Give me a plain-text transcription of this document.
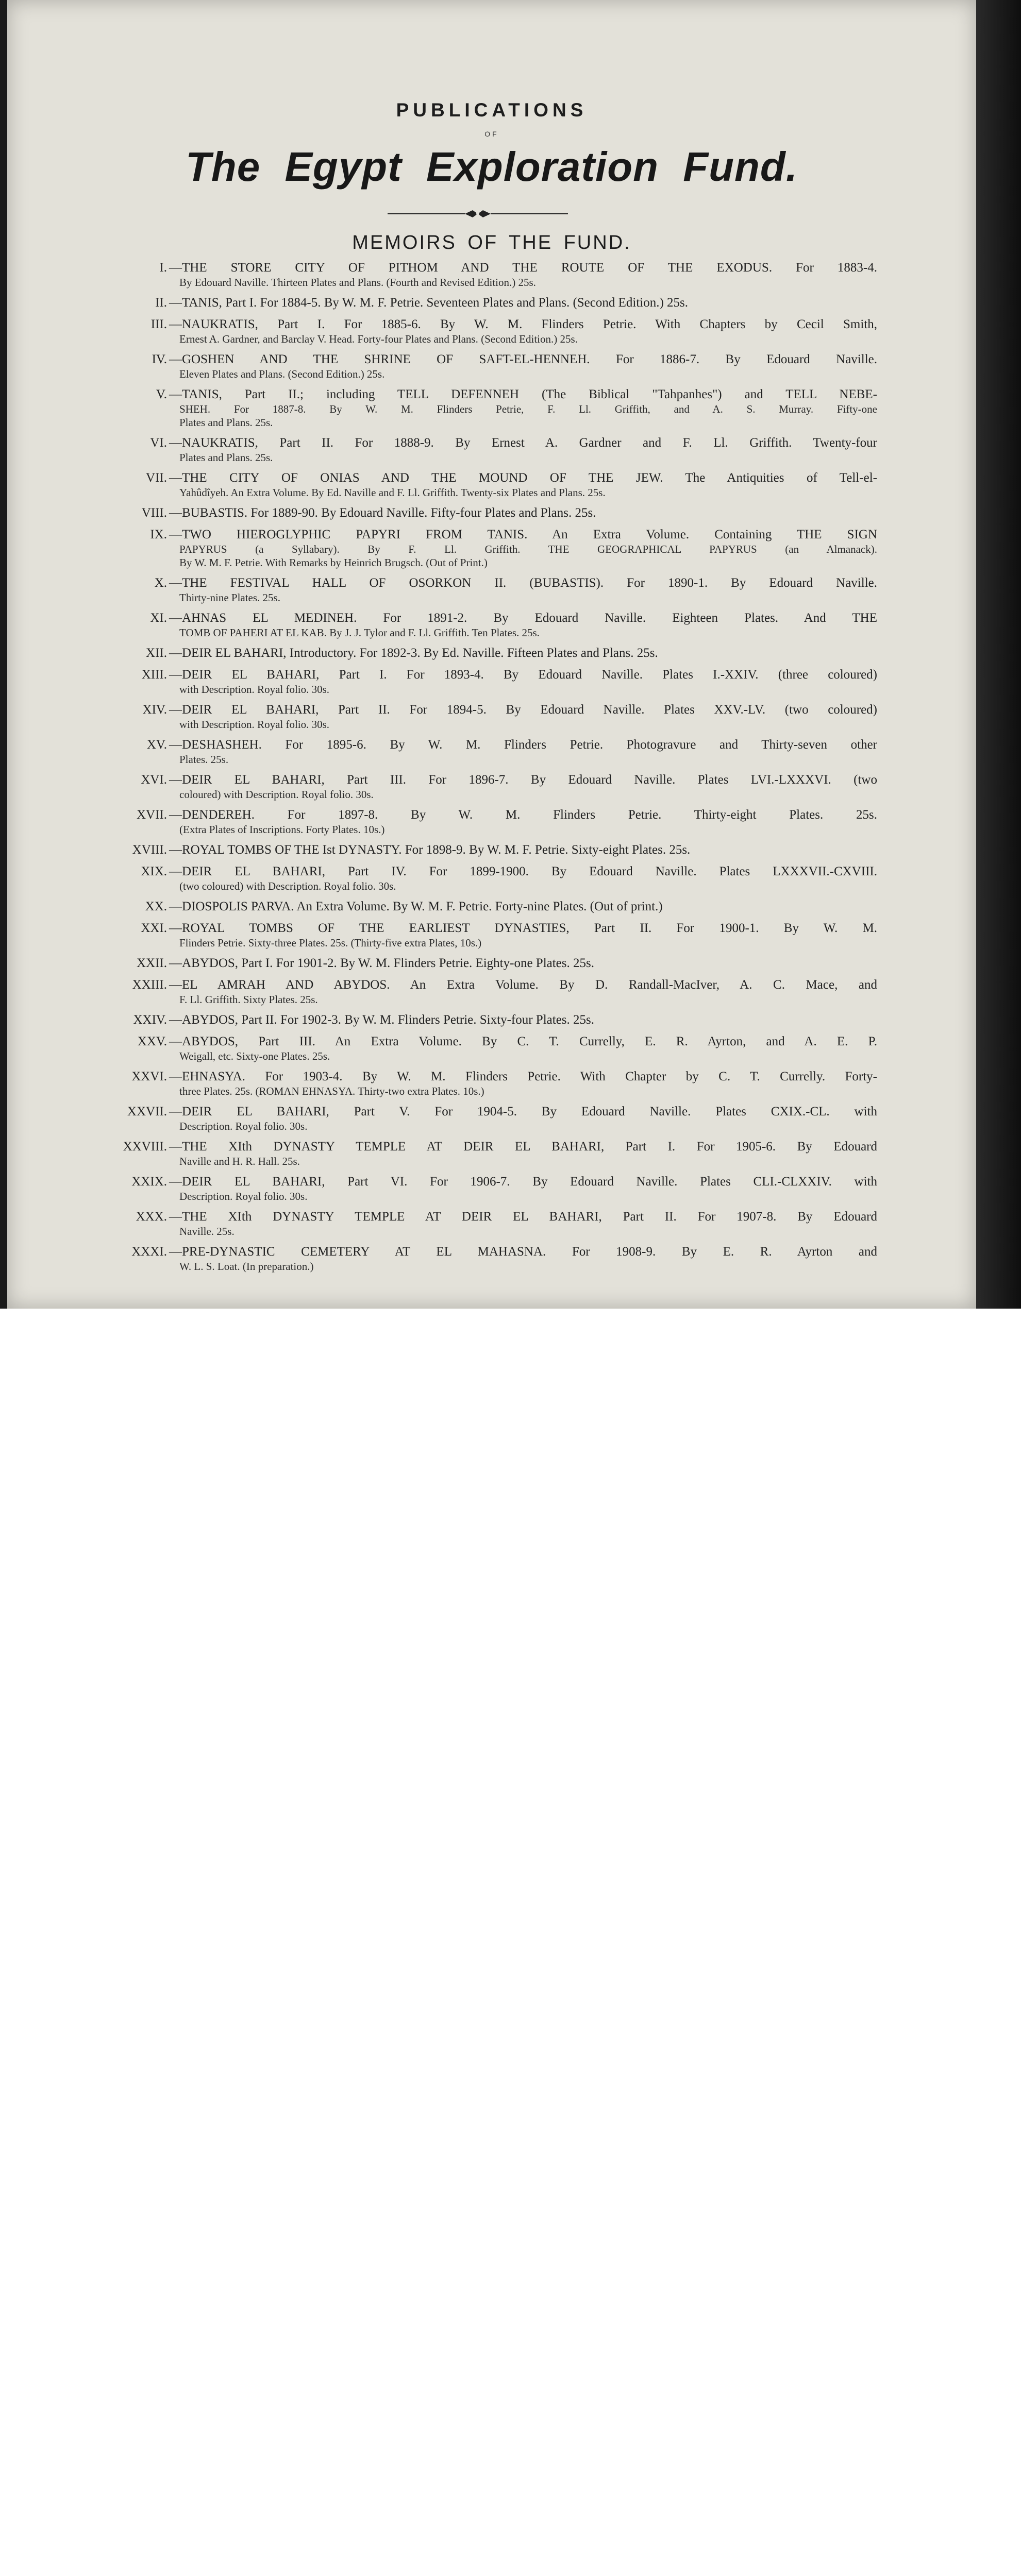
PUBLICATIONS
OF
The Egypt Exploration Fund.
MEMOIRS OF THE FUND.
I. —THE STORE CITY OF PITHOM AND THE ROUTE OF THE EXODUS. For 1883-4.
By Edouard Naville. Thirteen Plates and Plans. (Fourth and Revised Edition.) 25s.
II. —TANIS, Part I. For 1884-5. By W. M. F. Petrie. Seventeen Plates and Plans. (Second Edition.) 25s.
III. —NAUKRATIS, Part I. For 1885-6. By W. M. Flinders Petrie. With Chapters by Cecil Smith,
Ernest A. Gardner, and Barclay V. Head. Forty-four Plates and Plans. (Second Edition.) 25s.
IV. —GOSHEN AND THE SHRINE OF SAFT-EL-HENNEH. For 1886-7. By Edouard Naville.
Eleven Plates and Plans. (Second Edition.) 25s.
V. —TANIS, Part II.; including TELL DEFENNEH (The Biblical "Tahpanhes") and TELL NEBE-
SHEH. For 1887-8. By W. M. Flinders Petrie, F. Ll. Griffith, and A. S. Murray. Fifty-one
Plates and Plans. 25s.
VI. —NAUKRATIS, Part II. For 1888-9. By Ernest A. Gardner and F. Ll. Griffith. Twenty-four
Plates and Plans. 25s.
VII. —THE CITY OF ONIAS AND THE MOUND OF THE JEW. The Antiquities of Tell-el-
Yahûdîyeh. An Extra Volume. By Ed. Naville and F. Ll. Griffith. Twenty-six Plates and Plans. 25s.
VIII. —BUBASTIS. For 1889-90. By Edouard Naville. Fifty-four Plates and Plans. 25s.
IX. —TWO HIEROGLYPHIC PAPYRI FROM TANIS. An Extra Volume. Containing THE SIGN
PAPYRUS (a Syllabary). By F. Ll. Griffith. THE GEOGRAPHICAL PAPYRUS (an Almanack).
By W. M. F. Petrie. With Remarks by Heinrich Brugsch. (Out of Print.)
X. —THE FESTIVAL HALL OF OSORKON II. (BUBASTIS). For 1890-1. By Edouard Naville.
Thirty-nine Plates. 25s.
XI. —AHNAS EL MEDINEH. For 1891-2. By Edouard Naville. Eighteen Plates. And THE
TOMB OF PAHERI AT EL KAB. By J. J. Tylor and F. Ll. Griffith. Ten Plates. 25s.
XII. —DEIR EL BAHARI, Introductory. For 1892-3. By Ed. Naville. Fifteen Plates and Plans. 25s.
XIII. —DEIR EL BAHARI, Part I. For 1893-4. By Edouard Naville. Plates I.-XXIV. (three coloured)
with Description. Royal folio. 30s.
XIV. —DEIR EL BAHARI, Part II. For 1894-5. By Edouard Naville. Plates XXV.-LV. (two coloured)
with Description. Royal folio. 30s.
XV. —DESHASHEH. For 1895-6. By W. M. Flinders Petrie. Photogravure and Thirty-seven other
Plates. 25s.
XVI. —DEIR EL BAHARI, Part III. For 1896-7. By Edouard Naville. Plates LVI.-LXXXVI. (two
coloured) with Description. Royal folio. 30s.
XVII. —DENDEREH. For 1897-8. By W. M. Flinders Petrie. Thirty-eight Plates. 25s.
(Extra Plates of Inscriptions. Forty Plates. 10s.)
XVIII. —ROYAL TOMBS OF THE Ist DYNASTY. For 1898-9. By W. M. F. Petrie. Sixty-eight Plates. 25s.
XIX. —DEIR EL BAHARI, Part IV. For 1899-1900. By Edouard Naville. Plates LXXXVII.-CXVIII.
(two coloured) with Description. Royal folio. 30s.
XX. —DIOSPOLIS PARVA. An Extra Volume. By W. M. F. Petrie. Forty-nine Plates. (Out of print.)
XXI. —ROYAL TOMBS OF THE EARLIEST DYNASTIES, Part II. For 1900-1. By W. M.
Flinders Petrie. Sixty-three Plates. 25s. (Thirty-five extra Plates, 10s.)
XXII. —ABYDOS, Part I. For 1901-2. By W. M. Flinders Petrie. Eighty-one Plates. 25s.
XXIII. —EL AMRAH AND ABYDOS. An Extra Volume. By D. Randall-MacIver, A. C. Mace, and
F. Ll. Griffith. Sixty Plates. 25s.
XXIV. —ABYDOS, Part II. For 1902-3. By W. M. Flinders Petrie. Sixty-four Plates. 25s.
XXV. —ABYDOS, Part III. An Extra Volume. By C. T. Currelly, E. R. Ayrton, and A. E. P.
Weigall, etc. Sixty-one Plates. 25s.
XXVI. —EHNASYA. For 1903-4. By W. M. Flinders Petrie. With Chapter by C. T. Currelly. Forty-
three Plates. 25s. (ROMAN EHNASYA. Thirty-two extra Plates. 10s.)
XXVII. —DEIR EL BAHARI, Part V. For 1904-5. By Edouard Naville. Plates CXIX.-CL. with
Description. Royal folio. 30s.
XXVIII. —THE XIth DYNASTY TEMPLE AT DEIR EL BAHARI, Part I. For 1905-6. By Edouard
Naville and H. R. Hall. 25s.
XXIX. —DEIR EL BAHARI, Part VI. For 1906-7. By Edouard Naville. Plates CLI.-CLXXIV. with
Description. Royal folio. 30s.
XXX. —THE XIth DYNASTY TEMPLE AT DEIR EL BAHARI, Part II. For 1907-8. By Edouard
Naville. 25s.
XXXI. —PRE-DYNASTIC CEMETERY AT EL MAHASNA. For 1908-9. By E. R. Ayrton and
W. L. S. Loat. (In preparation.)
